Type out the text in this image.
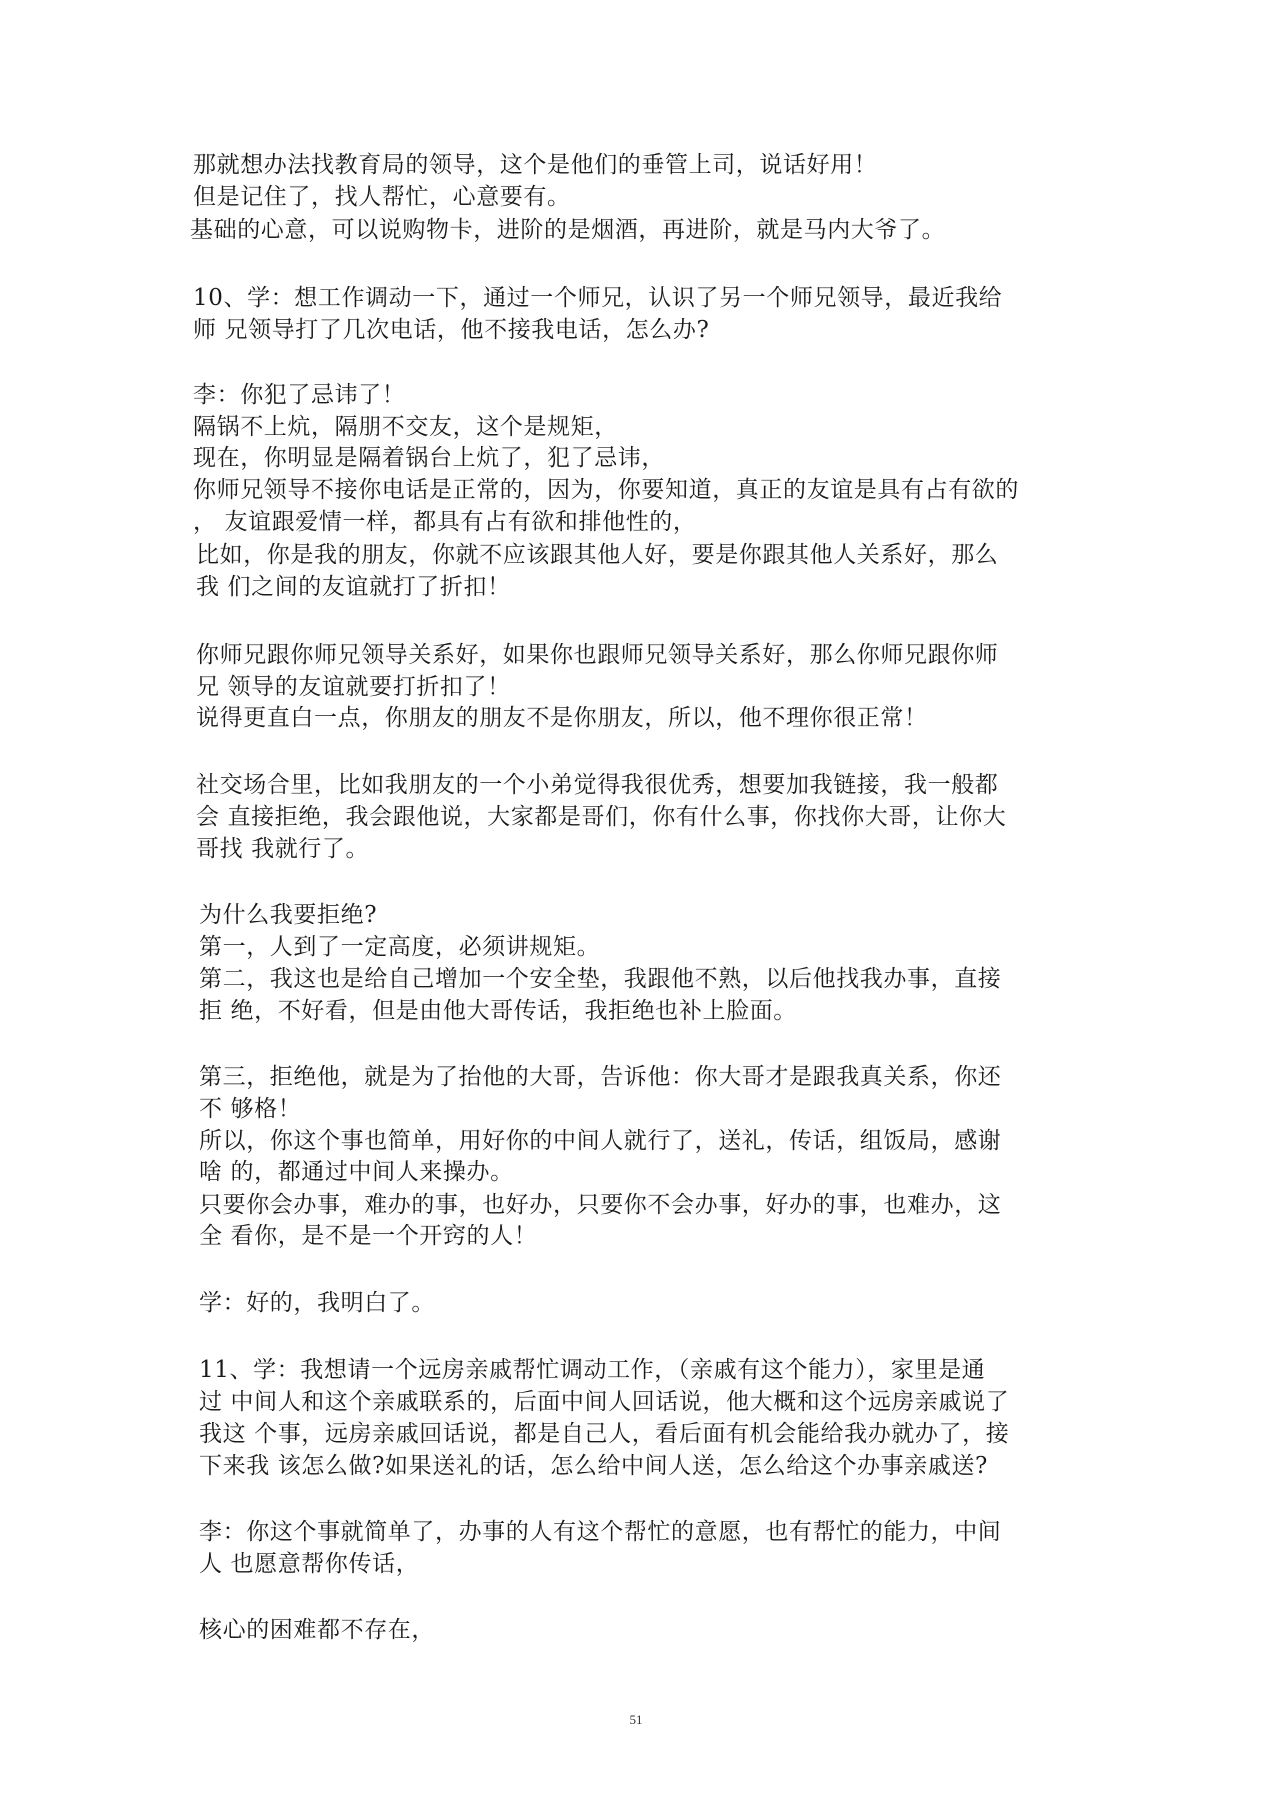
那就想办法找教育局的领导，这个是他们的垂管上司，说话好用！
但是记住了，找人帮忙，心意要有。
基础的心意，可以说购物卡，进阶的是烟酒，再进阶，就是马内大爷了。
10、学：想工作调动一下，通过一个师兄，认识了另一个师兄领导，最近我给
师 兄领导打了几次电话，他不接我电话，怎么办?
李：你犯了忌讳了！
隔锅不上炕，隔朋不交友，这个是规矩，
现在，你明显是隔着锅台上炕了，犯了忌讳，
你师兄领导不接你电话是正常的，因为，你要知道，真正的友谊是具有占有欲的
， 友谊跟爱情一样，都具有占有欲和排他性的，
比如，你是我的朋友，你就不应该跟其他人好，要是你跟其他人关系好，那么
我 们之间的友谊就打了折扣！
你师兄跟你师兄领导关系好，如果你也跟师兄领导关系好，那么你师兄跟你师
兄 领导的友谊就要打折扣了！
说得更直白一点，你朋友的朋友不是你朋友，所以，他不理你很正常！
社交场合里，比如我朋友的一个小弟觉得我很优秀，想要加我链接，我一般都
会 直接拒绝，我会跟他说，大家都是哥们，你有什么事，你找你大哥，让你大
哥找 我就行了。
为什么我要拒绝?
第一，人到了一定高度，必须讲规矩。
第二，我这也是给自己增加一个安全垫，我跟他不熟，以后他找我办事，直接
拒 绝，不好看，但是由他大哥传话，我拒绝也补上脸面。
第三，拒绝他，就是为了抬他的大哥，告诉他：你大哥才是跟我真关系，你还
不 够格！
所以，你这个事也简单，用好你的中间人就行了，送礼，传话，组饭局，感谢
啥 的，都通过中间人来操办。
只要你会办事，难办的事，也好办，只要你不会办事，好办的事，也难办，这
全 看你，是不是一个开窍的人！
学：好的，我明白了。
11、学：我想请一个远房亲戚帮忙调动工作，（亲戚有这个能力），家里是通
过 中间人和这个亲戚联系的，后面中间人回话说，他大概和这个远房亲戚说了
我这 个事，远房亲戚回话说，都是自己人，看后面有机会能给我办就办了，接
下来我 该怎么做?如果送礼的话，怎么给中间人送，怎么给这个办事亲戚送?
李：你这个事就简单了，办事的人有这个帮忙的意愿，也有帮忙的能力，中间
人 也愿意帮你传话，
核心的困难都不存在，
51
